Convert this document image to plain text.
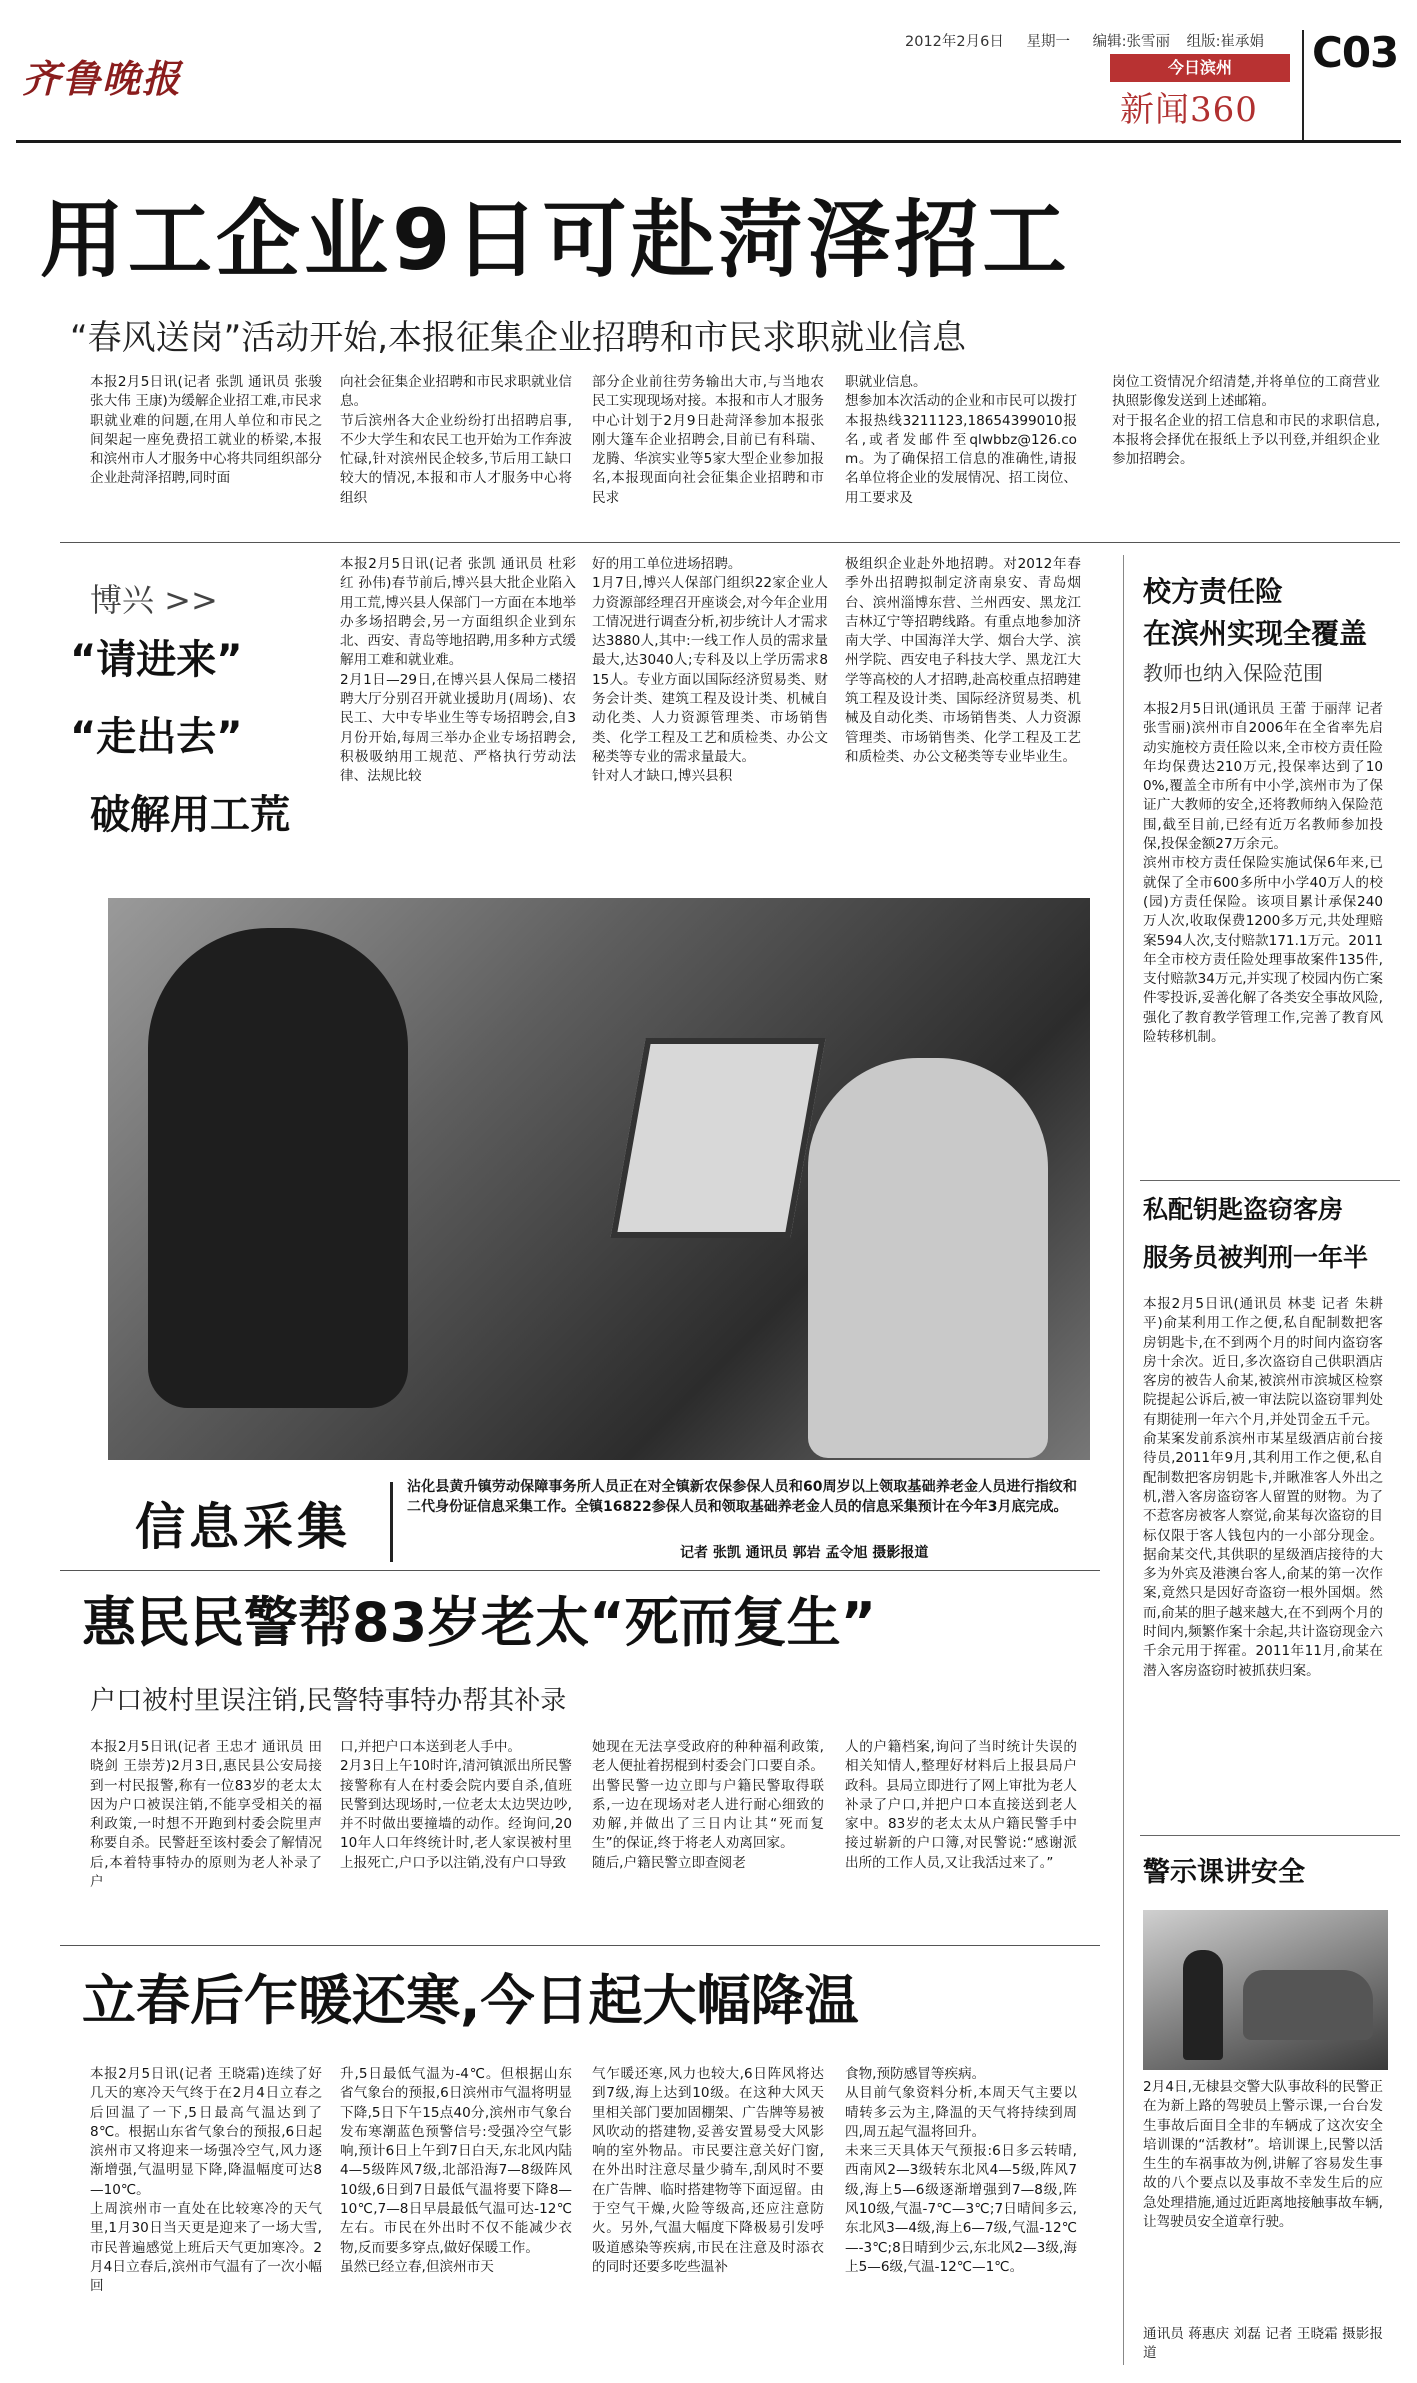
齐鲁晚报
2012年2月6日 星期一 编辑:张雪丽 组版:崔承娟
今日滨州
新闻360
C03
用工企业9日可赴菏泽招工
“春风送岗”活动开始,本报征集企业招聘和市民求职就业信息
本报2月5日讯(记者 张凯 通讯员 张骏 张大伟 王康)为缓解企业招工难,市民求职就业难的问题,在用人单位和市民之间架起一座免费招工就业的桥梁,本报和滨州市人才服务中心将共同组织部分企业赴菏泽招聘,同时面
向社会征集企业招聘和市民求职就业信息。
节后滨州各大企业纷纷打出招聘启事,不少大学生和农民工也开始为工作奔波忙碌,针对滨州民企较多,节后用工缺口较大的情况,本报和市人才服务中心将组织
部分企业前往劳务输出大市,与当地农民工实现现场对接。本报和市人才服务中心计划于2月9日赴菏泽参加本报张刚大篷车企业招聘会,目前已有科瑞、龙腾、华滨实业等5家大型企业参加报名,本报现面向社会征集企业招聘和市民求
职就业信息。
想参加本次活动的企业和市民可以拨打本报热线3211123,18654399010报名,或者发邮件至qlwbbz@126.com。为了确保招工信息的准确性,请报名单位将企业的发展情况、招工岗位、用工要求及
岗位工资情况介绍清楚,并将单位的工商营业执照影像发送到上述邮箱。
对于报名企业的招工信息和市民的求职信息,本报将会择优在报纸上予以刊登,并组织企业参加招聘会。
博兴 >>
“请进来”
“走出去”
破解用工荒
本报2月5日讯(记者 张凯 通讯员 杜彩红 孙伟)春节前后,博兴县大批企业陷入用工荒,博兴县人保部门一方面在本地举办多场招聘会,另一方面组织企业到东北、西安、青岛等地招聘,用多种方式缓解用工难和就业难。
2月1日—29日,在博兴县人保局二楼招聘大厅分别召开就业援助月(周场)、农民工、大中专毕业生等专场招聘会,自3月份开始,每周三举办企业专场招聘会,积极吸纳用工规范、严格执行劳动法律、法规比较
好的用工单位进场招聘。
1月7日,博兴人保部门组织22家企业人力资源部经理召开座谈会,对今年企业用工情况进行调查分析,初步统计人才需求达3880人,其中:一线工作人员的需求量最大,达3040人;专科及以上学历需求815人。专业方面以国际经济贸易类、财务会计类、建筑工程及设计类、机械自动化类、人力资源管理类、市场销售类、化学工程及工艺和质检类、办公文秘类等专业的需求量最大。
针对人才缺口,博兴县积
极组织企业赴外地招聘。对2012年春季外出招聘拟制定济南泉安、青岛烟台、滨州淄博东营、兰州西安、黑龙江吉林辽宁等招聘线路。有重点地参加济南大学、中国海洋大学、烟台大学、滨州学院、西安电子科技大学、黑龙江大学等高校的人才招聘,赴高校重点招聘建筑工程及设计类、国际经济贸易类、机械及自动化类、市场销售类、人力资源管理类、市场销售类、化学工程及工艺和质检类、办公文秘类等专业毕业生。
信息采集
沾化县黄升镇劳动保障事务所人员正在对全镇新农保参保人员和60周岁以上领取基础养老金人员进行指纹和二代身份证信息采集工作。全镇16822参保人员和领取基础养老金人员的信息采集预计在今年3月底完成。
记者 张凯 通讯员 郭岩 孟令旭 摄影报道
惠民民警帮83岁老太“死而复生”
户口被村里误注销,民警特事特办帮其补录
本报2月5日讯(记者 王忠才 通讯员 田晓剑 王崇芳)2月3日,惠民县公安局接到一村民报警,称有一位83岁的老太太因为户口被误注销,不能享受相关的福利政策,一时想不开跑到村委会院里声称要自杀。民警赶至该村委会了解情况后,本着特事特办的原则为老人补录了户
口,并把户口本送到老人手中。
2月3日上午10时许,清河镇派出所民警接警称有人在村委会院内要自杀,值班民警到达现场时,一位老太太边哭边吵,并不时做出要撞墙的动作。经询问,2010年人口年终统计时,老人家误被村里上报死亡,户口予以注销,没有户口导致
她现在无法享受政府的种种福利政策,老人便扯着拐棍到村委会门口要自杀。出警民警一边立即与户籍民警取得联系,一边在现场对老人进行耐心细致的劝解,并做出了三日内让其“死而复生”的保证,终于将老人劝离回家。
随后,户籍民警立即查阅老
人的户籍档案,询问了当时统计失误的相关知情人,整理好材料后上报县局户政科。县局立即进行了网上审批为老人补录了户口,并把户口本直接送到老人家中。83岁的老太太从户籍民警手中接过崭新的户口簿,对民警说:“感谢派出所的工作人员,又让我活过来了。”
立春后乍暖还寒,今日起大幅降温
本报2月5日讯(记者 王晓霜)连续了好几天的寒冷天气终于在2月4日立春之后回温了一下,5日最高气温达到了8℃。根据山东省气象台的预报,6日起滨州市又将迎来一场强冷空气,风力逐渐增强,气温明显下降,降温幅度可达8—10℃。
上周滨州市一直处在比较寒冷的天气里,1月30日当天更是迎来了一场大雪,市民普遍感觉上班后天气更加寒冷。2月4日立春后,滨州市气温有了一次小幅回
升,5日最低气温为-4℃。但根据山东省气象台的预报,6日滨州市气温将明显下降,5日下午15点40分,滨州市气象台发布寒潮蓝色预警信号:受强冷空气影响,预计6日上午到7日白天,东北风内陆4—5级阵风7级,北部沿海7—8级阵风10级,6日到7日最低气温将要下降8—10℃,7—8日早晨最低气温可达-12℃左右。市民在外出时不仅不能减少衣物,反而要多穿点,做好保暖工作。
虽然已经立春,但滨州市天
气乍暖还寒,风力也较大,6日阵风将达到7级,海上达到10级。在这种大风天里相关部门要加固棚架、广告牌等易被风吹动的搭建物,妥善安置易受大风影响的室外物品。市民要注意关好门窗,在外出时注意尽量少骑车,刮风时不要在广告牌、临时搭建物等下面逗留。由于空气干燥,火险等级高,还应注意防火。另外,气温大幅度下降极易引发呼吸道感染等疾病,市民在注意及时添衣的同时还要多吃些温补
食物,预防感冒等疾病。
从目前气象资料分析,本周天气主要以晴转多云为主,降温的天气将持续到周四,周五起气温将回升。
未来三天具体天气预报:6日多云转晴,西南风2—3级转东北风4—5级,阵风7级,海上5—6级逐渐增强到7—8级,阵风10级,气温-7℃—3℃;7日晴间多云,东北风3—4级,海上6—7级,气温-12℃—-3℃;8日晴到少云,东北风2—3级,海上5—6级,气温-12℃—1℃。
校方责任险
在滨州实现全覆盖
教师也纳入保险范围
本报2月5日讯(通讯员 王蕾 于丽萍 记者 张雪丽)滨州市自2006年在全省率先启动实施校方责任险以来,全市校方责任险年均保费达210万元,投保率达到了100%,覆盖全市所有中小学,滨州市为了保证广大教师的安全,还将教师纳入保险范围,截至目前,已经有近万名教师参加投保,投保金额27万余元。
滨州市校方责任保险实施试保6年来,已就保了全市600多所中小学40万人的校(园)方责任保险。该项目累计承保240万人次,收取保费1200多万元,共处理赔案594人次,支付赔款171.1万元。2011年全市校方责任险处理事故案件135件,支付赔款34万元,并实现了校园内伤亡案件零投诉,妥善化解了各类安全事故风险,强化了教育教学管理工作,完善了教育风险转移机制。
私配钥匙盗窃客房
服务员被判刑一年半
本报2月5日讯(通讯员 林斐 记者 朱耕平)俞某利用工作之便,私自配制数把客房钥匙卡,在不到两个月的时间内盗窃客房十余次。近日,多次盗窃自己供职酒店客房的被告人俞某,被滨州市滨城区检察院提起公诉后,被一审法院以盗窃罪判处有期徒刑一年六个月,并处罚金五千元。
俞某案发前系滨州市某星级酒店前台接待员,2011年9月,其利用工作之便,私自配制数把客房钥匙卡,并瞅准客人外出之机,潜入客房盗窃客人留置的财物。为了不惹客房被客人察觉,俞某每次盗窃的目标仅限于客人钱包内的一小部分现金。据俞某交代,其供职的星级酒店接待的大多为外宾及港澳台客人,俞某的第一次作案,竟然只是因好奇盗窃一根外国烟。然而,俞某的胆子越来越大,在不到两个月的时间内,频繁作案十余起,共计盗窃现金六千余元用于挥霍。2011年11月,俞某在潜入客房盗窃时被抓获归案。
警示课讲安全
2月4日,无棣县交警大队事故科的民警正在为新上路的驾驶员上警示课,一台台发生事故后面目全非的车辆成了这次安全培训课的“活教材”。培训课上,民警以活生生的车祸事故为例,讲解了容易发生事故的八个要点以及事故不幸发生后的应急处理措施,通过近距离地接触事故车辆,让驾驶员安全道章行驶。
通讯员 蒋惠庆 刘磊 记者 王晓霜 摄影报道
